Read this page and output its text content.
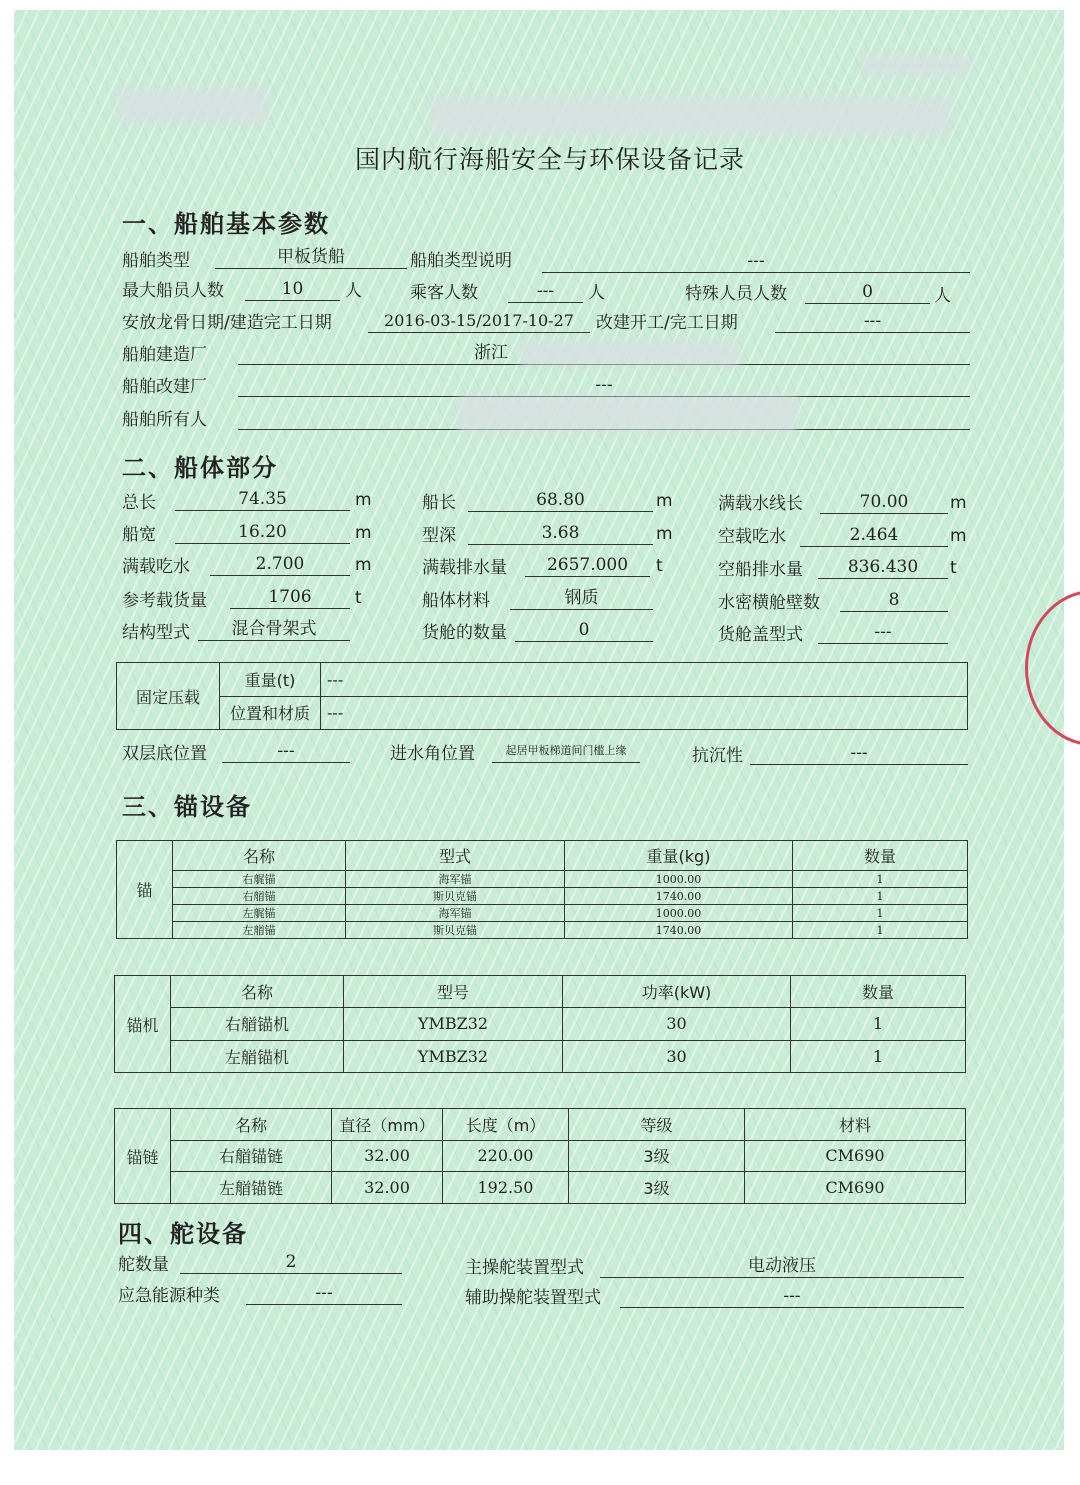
国内航行海船安全与环保设备记录
一、船舶基本参数
船舶类型	甲板货船	船舶类型说明	---
最大船员人数	10	人	乘客人数	---	人	特殊人员人数	0	人
安放龙骨日期/建造完工日期	2016-03-15/2017-10-27	改建开工/完工日期	---
船舶建造厂	浙江
船舶改建厂	---
船舶所有人
二、船体部分
总长	74.35	m	船长	68.80	m	满载水线长	70.00	m
船宽	16.20	m	型深	3.68	m	空载吃水	2.464	m
满载吃水	2.700	m	满载排水量	2657.000	t	空船排水量	836.430	t
参考载货量	1706	t	船体材料	钢质	水密横舱壁数	8
结构型式	混合骨架式	货舱的数量	0	货舱盖型式	---
固定压载	重量(t)	---
	位置和材质	---
双层底位置	---	进水角位置	起居甲板梯道间门槛上缘	抗沉性	---
三、锚设备
锚	名称	型式	重量(kg)	数量
	右艉锚	海军锚	1000.00	1
	右艏锚	斯贝克锚	1740.00	1
	左艉锚	海军锚	1000.00	1
	左艏锚	斯贝克锚	1740.00	1
锚机	名称	型号	功率(kW)	数量
	右艏锚机	YMBZ32	30	1
	左艏锚机	YMBZ32	30	1
锚链	名称	直径（mm）	长度（m）	等级	材料
	右艏锚链	32.00	220.00	3级	CM690
	左艏锚链	32.00	192.50	3级	CM690
四、舵设备
舵数量	2	主操舵装置型式	电动液压
应急能源种类	---	辅助操舵装置型式	---
